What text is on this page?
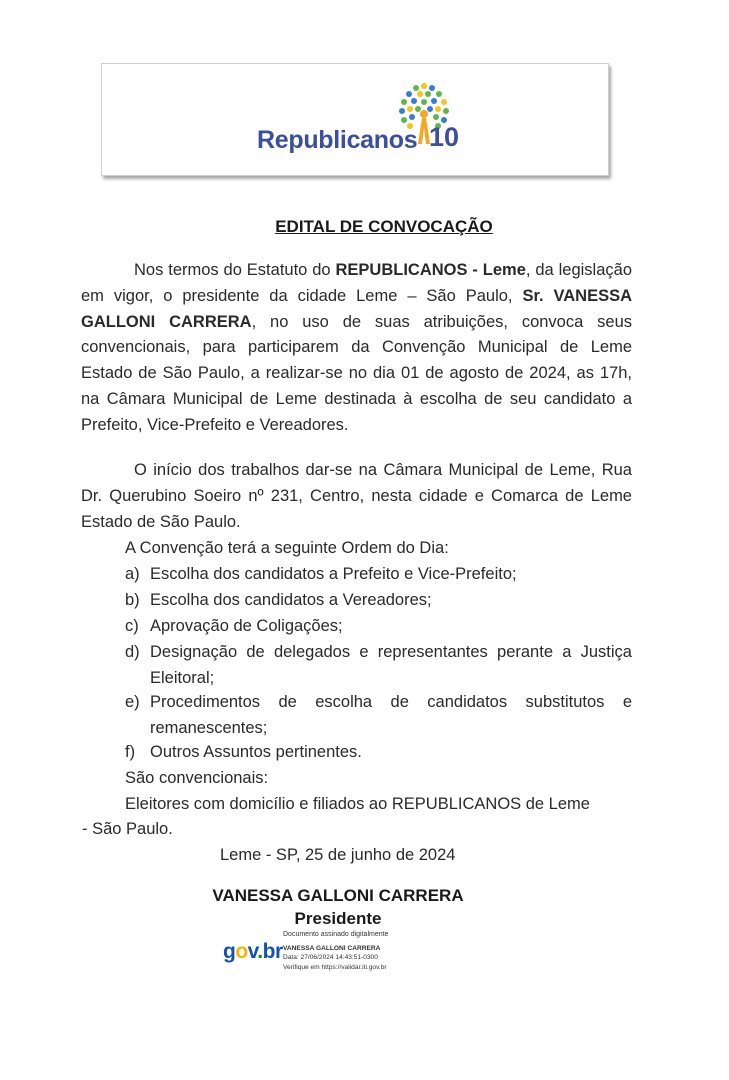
Republicanos 10
EDITAL DE CONVOCAÇÃO
Nos termos do Estatuto do REPUBLICANOS - Leme, da legislação em vigor, o presidente da cidade Leme – São Paulo, Sr. VANESSA GALLONI CARRERA, no uso de suas atribuições, convoca seus convencionais, para participarem da Convenção Municipal de Leme Estado de São Paulo, a realizar-se no dia 01 de agosto de 2024, as 17h, na Câmara Municipal de Leme destinada à escolha de seu candidato a Prefeito, Vice-Prefeito e Vereadores.
O início dos trabalhos dar-se na Câmara Municipal de Leme, Rua Dr. Querubino Soeiro nº 231, Centro, nesta cidade e Comarca de Leme Estado de São Paulo.
A Convenção terá a seguinte Ordem do Dia:
a) Escolha dos candidatos a Prefeito e Vice-Prefeito;
b) Escolha dos candidatos a Vereadores;
c) Aprovação de Coligações;
d) Designação de delegados e representantes perante a Justiça Eleitoral;
e) Procedimentos de escolha de candidatos substitutos e remanescentes;
f) Outros Assuntos pertinentes.
São convencionais:
Eleitores com domicílio e filiados ao REPUBLICANOS de Leme
- São Paulo.
Leme - SP, 25 de junho de 2024
VANESSA GALLONI CARRERA
Presidente
Documento assinado digitalmente
gov.br VANESSA GALLONI CARRERA
Data: 27/06/2024 14:43:51-0300
Verifique em https://validar.iti.gov.br
